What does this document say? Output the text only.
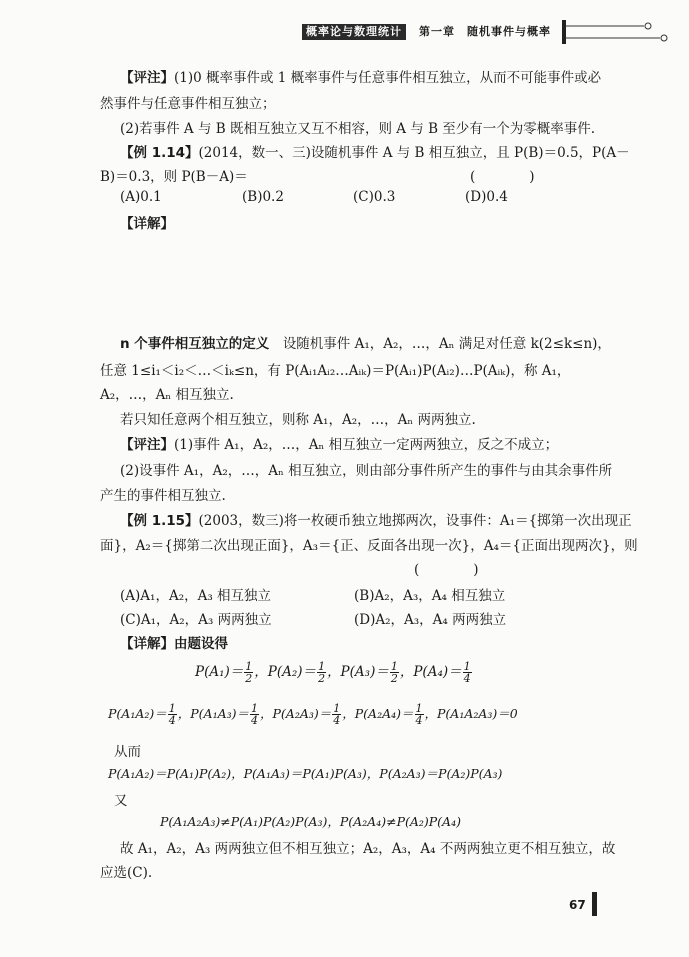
概率论与数理统计	第一章　随机事件与概率
【评注】(1)0 概率事件或 1 概率事件与任意事件相互独立，从而不可能事件或必
然事件与任意事件相互独立；
(2)若事件 A 与 B 既相互独立又互不相容，则 A 与 B 至少有一个为零概率事件.
【例 1.14】(2014，数一、三)设随机事件 A 与 B 相互独立，且 P(B)＝0.5，P(A－
B)＝0.3，则 P(B－A)＝	(　　　　)
(A)0.1	(B)0.2	(C)0.3	(D)0.4
【详解】
n 个事件相互独立的定义　 设随机事件 A₁，A₂，…，Aₙ 满足对任意 k(2≤k≤n)，
任意 1≤i₁＜i₂＜…＜iₖ≤n，有 P(Aᵢ₁Aᵢ₂…Aᵢₖ)＝P(Aᵢ₁)P(Aᵢ₂)…P(Aᵢₖ)，称 A₁，
A₂，…，Aₙ 相互独立.
若只知任意两个相互独立，则称 A₁，A₂，…，Aₙ 两两独立.
【评注】(1)事件 A₁，A₂，…，Aₙ 相互独立一定两两独立，反之不成立；
(2)设事件 A₁，A₂，…，Aₙ 相互独立，则由部分事件所产生的事件与由其余事件所
产生的事件相互独立.
【例 1.15】(2003，数三)将一枚硬币独立地掷两次，设事件：A₁＝{掷第一次出现正
面}，A₂＝{掷第二次出现正面}，A₃＝{正、反面各出现一次}，A₄＝{正面出现两次}，则
(　　　　)
(A)A₁，A₂，A₃ 相互独立	(B)A₂，A₃，A₄ 相互独立
(C)A₁，A₂，A₃ 两两独立	(D)A₂，A₃，A₄ 两两独立
【详解】由题设得
$P(A_1)= \frac{1}{2}$ ，$P(A_2)= \frac{1}{2}$ ，$P(A_3)= \frac{1}{2}$ ，$P(A_4)= \frac{1}{4}$
$P(A_1A_2)= \frac{1}{4}$ ，$P(A_1A_3)= \frac{1}{4}$ ，$P(A_2A_3)= \frac{1}{4}$ ，$P(A_2A_4)= \frac{1}{4}$ ，P(A₁A₂A₃)＝0
从而
P(A₁A₂)＝P(A₁)P(A₂)，P(A₁A₃)＝P(A₁)P(A₃)，P(A₂A₃)＝P(A₂)P(A₃)
又
P(A₁A₂A₃)≠P(A₁)P(A₂)P(A₃)，P(A₂A₄)≠P(A₂)P(A₄)
故 A₁，A₂，A₃ 两两独立但不相互独立；A₂，A₃，A₄ 不两两独立更不相互独立，故
应选(C).
67
